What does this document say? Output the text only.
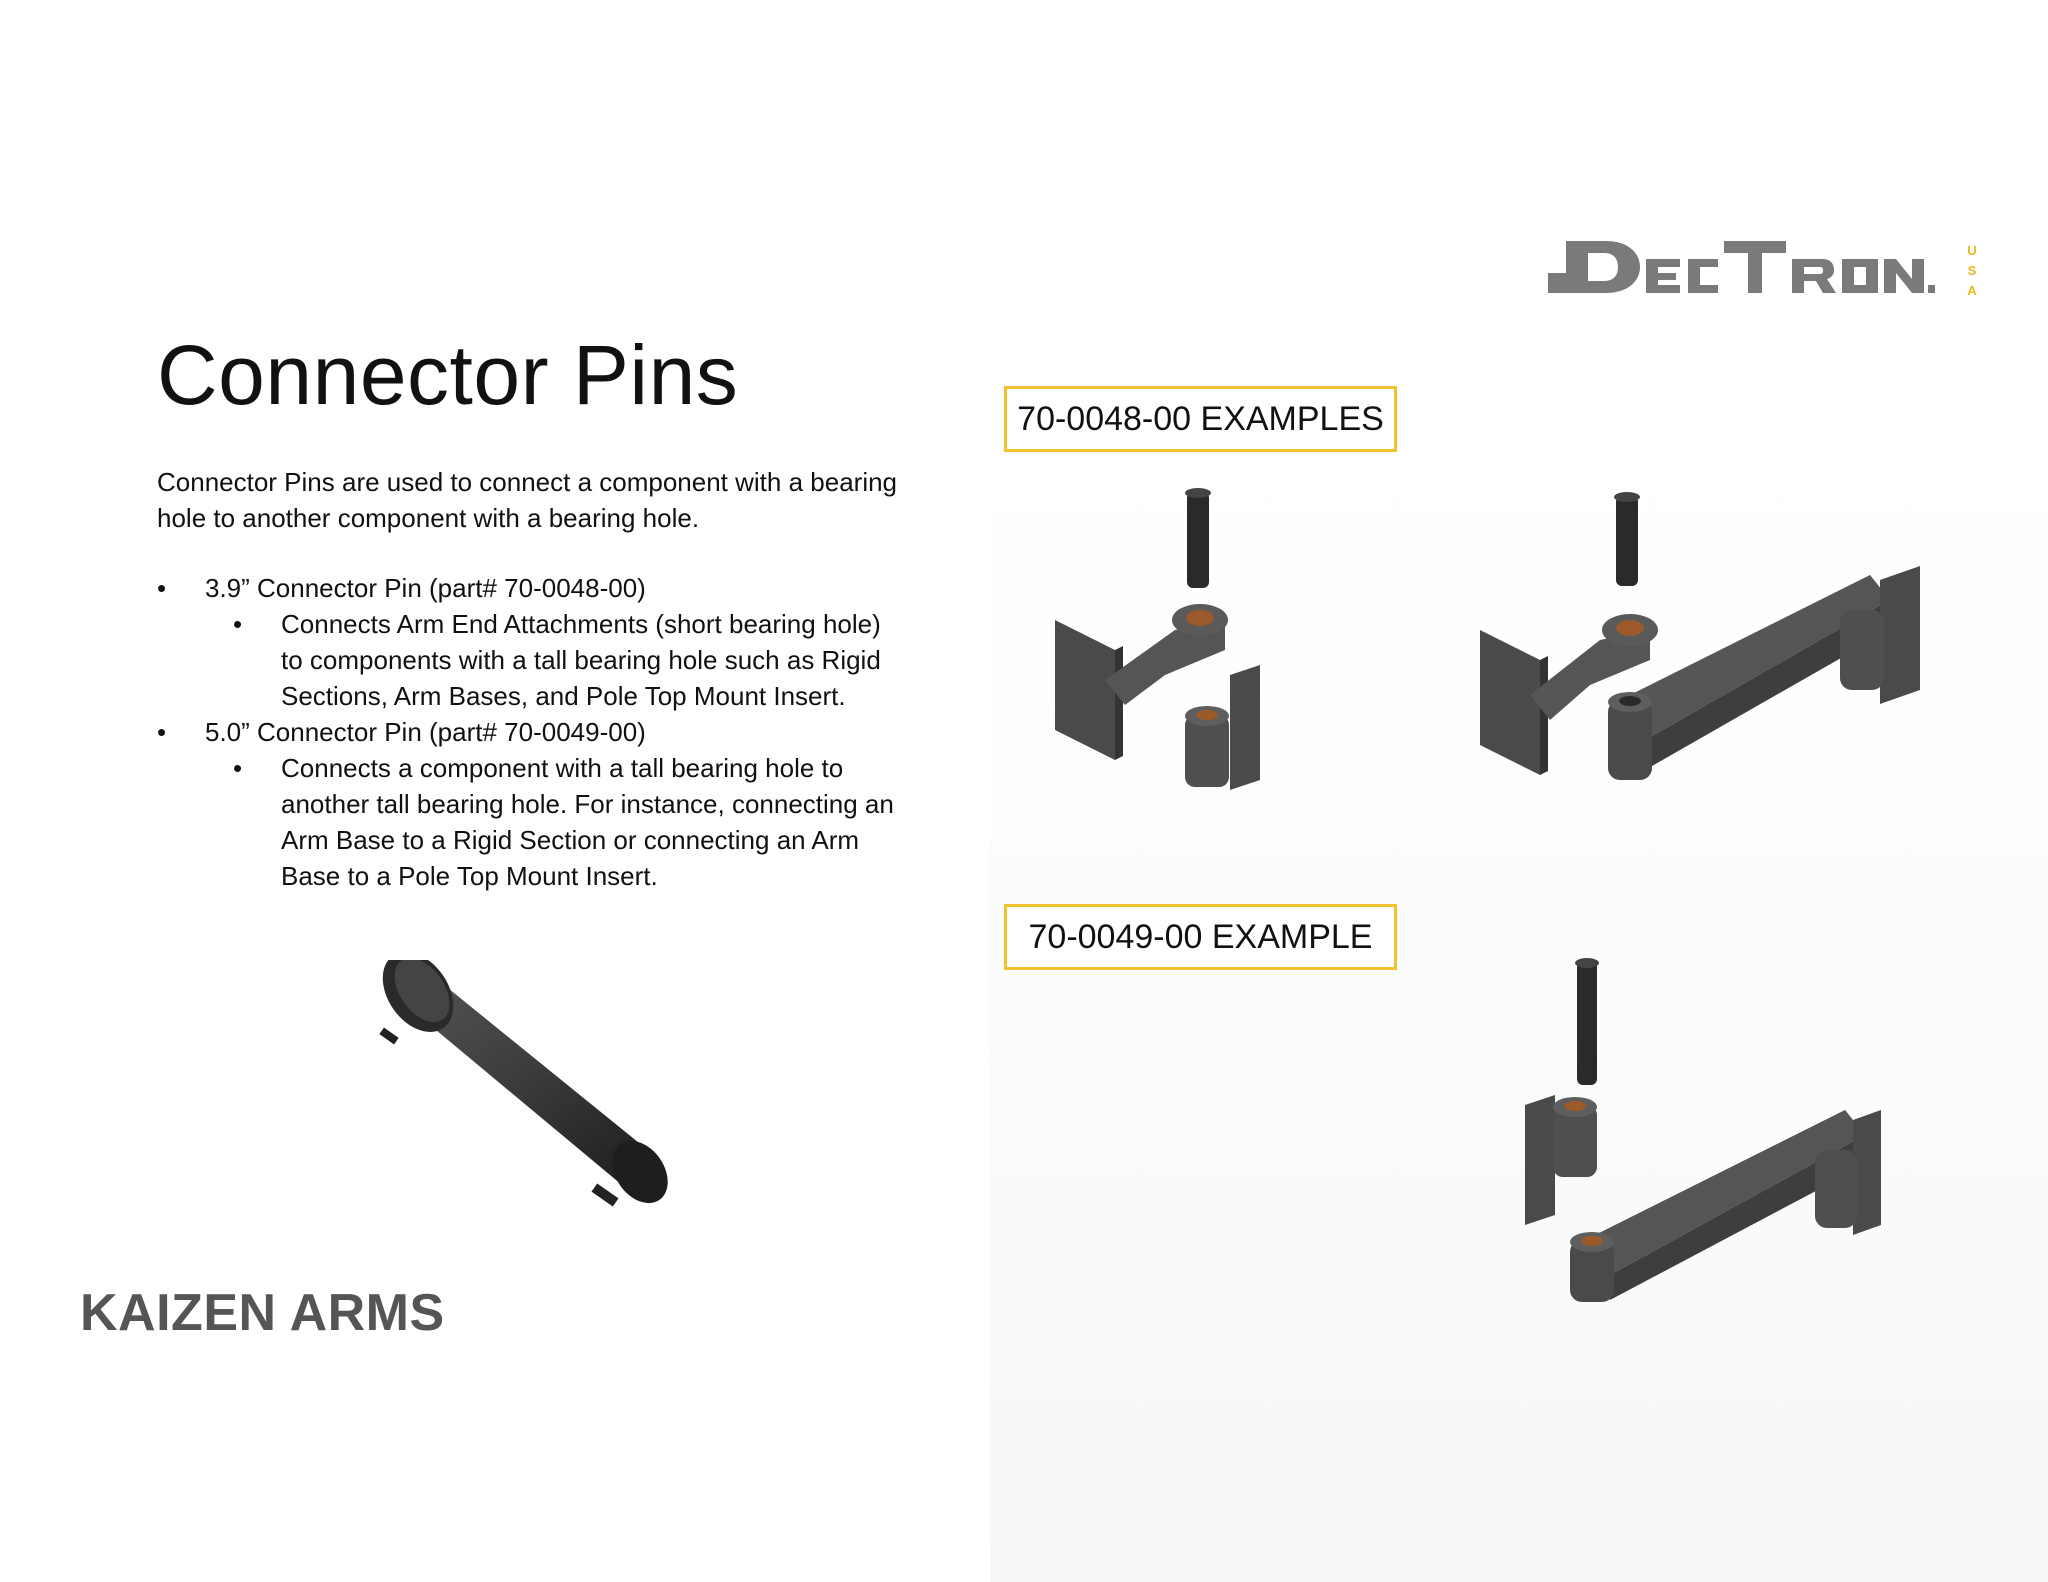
U
S
A
Connector Pins
Connector Pins are used to connect a component with a bearing hole to another component with a bearing hole.
• 3.9” Connector Pin (part# 70-0048-00)
• Connects Arm End Attachments (short bearing hole) to components with a tall bearing hole such as Rigid Sections, Arm Bases, and Pole Top Mount Insert.
• 5.0” Connector Pin (part# 70-0049-00)
• Connects a component with a tall bearing hole to another tall bearing hole. For instance, connecting an Arm Base to a Rigid Section or connecting an Arm Base to a Pole Top Mount Insert.
KAIZEN ARMS
70-0048-00 EXAMPLES
70-0049-00 EXAMPLE
